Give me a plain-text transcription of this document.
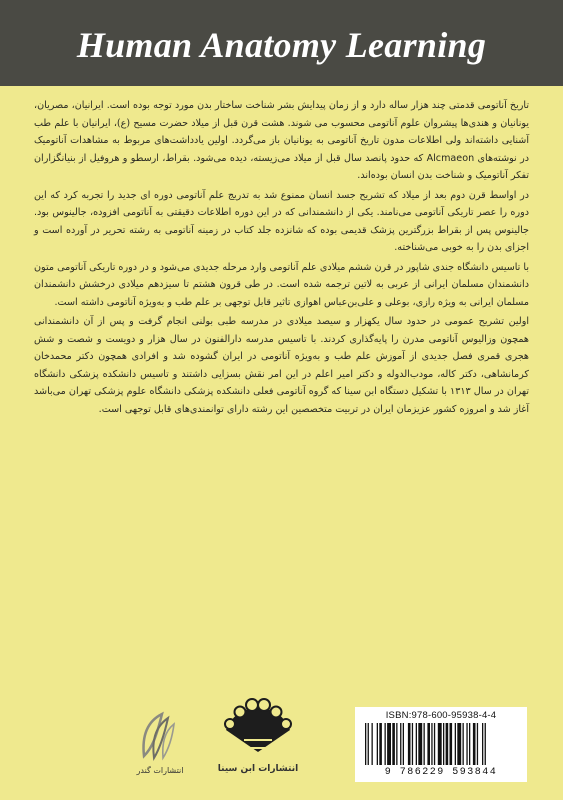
Human Anatomy Learning

تاریخ آناتومی قدمتی چند هزار ساله دارد و از زمان پیدایش بشر شناخت ساختار بدن مورد توجه بوده است. ایرانیان، مصریان، یونانیان و هندی‌ها پیشروان علوم آناتومی محسوب می شوند. هشت قرن قبل از میلاد حضرت مسیح (ع)، ایرانیان با علم طب آشنایی داشته‌اند ولی اطلاعات مدون تاریخ آناتومی به یونانیان باز می‌گردد. اولین یادداشت‌های مربوط به مشاهدات آناتومیک در نوشته‌های Alcmaeon که حدود پانصد سال قبل از میلاد می‌زیسته، دیده می‌شود. بقراط، ارسطو و هروفیل از بنیانگزاران تفکر آناتومیک و شناخت بدن انسان بوده‌اند.

در اواسط قرن دوم بعد از میلاد که تشریح جسد انسان ممنوع شد به تدریج علم آناتومی دوره ای جدید را تجربه کرد که این دوره را عصر تاریکی آناتومی می‌نامند. یکی از دانشمندانی که در این دوره اطلاعات دقیقتی به آناتومی افزوده، جالینوس بود. جالینوس پس از بقراط بزرگترین پزشک قدیمی بوده که شانزده جلد کتاب در زمینه آناتومی به رشته تحریر در آورده است و اجزای بدن را به خوبی می‌شناخته.

با تاسیس دانشگاه جندی شاپور در قرن ششم میلادی علم آناتومی وارد مرحله جدیدی می‌شود و در دوره تاریکی آناتومی متون دانشمندان مسلمان ایرانی از عربی به لاتین ترجمه شده است. در طی قرون هشتم تا سیزدهم میلادی درخشش دانشمندان مسلمان ایرانی به ویژه رازی، بوعلی و علی‌بن‌عباس اهوازی تاثیر قابل توجهی بر علم طب و به‌ویژه آناتومی داشته است.

اولین تشریح عمومی در حدود سال یکهزار و سیصد میلادی در مدرسه طبی بولنی انجام گرفت و پس از آن دانشمندانی همچون وزالیوس آناتومی مدرن را پایه‌گذاری کردند. با تاسیس مدرسه دارالفنون در سال هزار و دویست و شصت و شش هجری قمری فصل جدیدی از آموزش علم طب و به‌ویژه آناتومی در ایران گشوده شد و افرادی همچون دکتر محمدخان کرمانشاهی، دکتر کاله، مودب‌الدوله و دکتر امیر اعلم در این امر نقش بسزایی داشتند و تاسیس دانشکده پزشکی دانشگاه تهران در سال ۱۳۱۳ با تشکیل دستگاه ابن سینا که گروه آناتومی فعلی دانشکده پزشکی دانشگاه علوم پزشکی تهران می‌باشد آغاز شد و امروزه کشور عزیزمان ایران در تربیت متخصصین این رشته دارای توانمندی‌های قابل توجهی است.

انتشارات گندر	انتشارات ابن سینا
ISBN:978-600-95938-4-4
9 786229 593844
